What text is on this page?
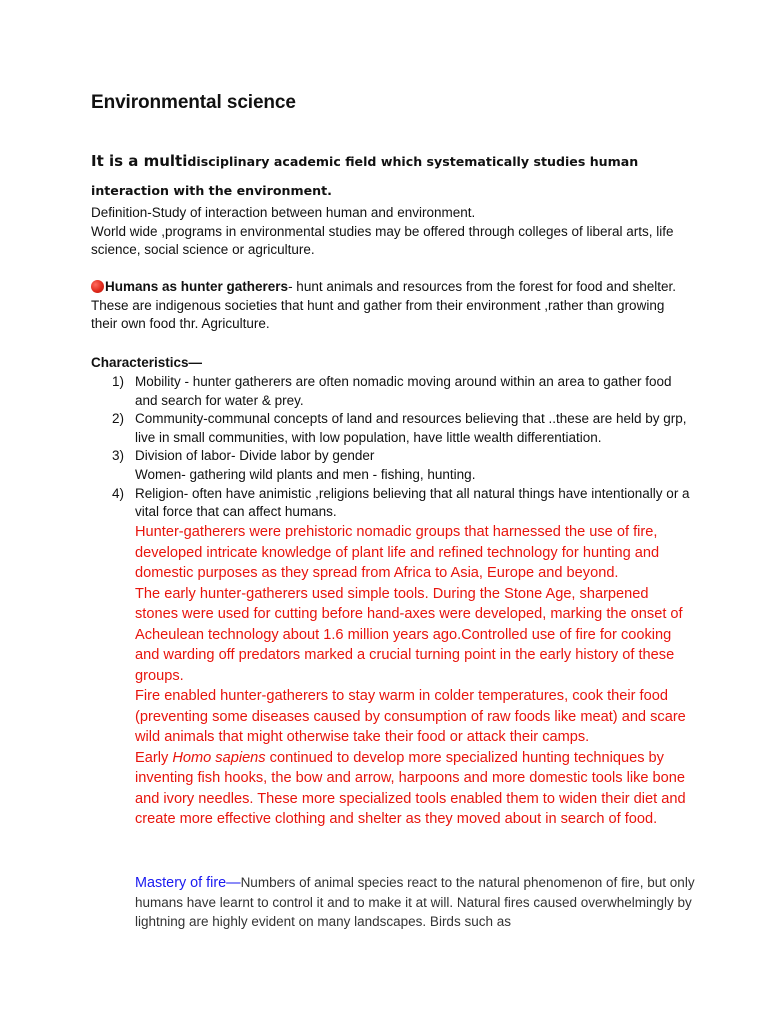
Environmental science
It is a multidisciplinary academic field which systematically studies human interaction with the environment.
Definition-Study of interaction between human and environment.
World wide ,programs in environmental studies may be offered through colleges of liberal arts, life science, social science or agriculture.
Humans as hunter gatherers- hunt animals and resources from the forest for food and shelter.
These are indigenous societies that hunt and gather from their environment ,rather than growing their own food thr. Agriculture.
Characteristics—
1) Mobility - hunter gatherers are often nomadic moving around within an area to gather food and search for water & prey.
2) Community-communal concepts of land and resources believing that ..these are held by grp, live in small communities, with low population, have little wealth differentiation.
3) Division of labor- Divide labor by gender
Women- gathering wild plants and men - fishing, hunting.
4) Religion- often have animistic ,religions believing that all natural things have intentionally or a vital force that can affect humans.
Hunter-gatherers were prehistoric nomadic groups that harnessed the use of fire, developed intricate knowledge of plant life and refined technology for hunting and domestic purposes as they spread from Africa to Asia, Europe and beyond.
The early hunter-gatherers used simple tools. During the Stone Age, sharpened stones were used for cutting before hand-axes were developed, marking the onset of Acheulean technology about 1.6 million years ago.Controlled use of fire for cooking and warding off predators marked a crucial turning point in the early history of these groups.
Fire enabled hunter-gatherers to stay warm in colder temperatures, cook their food (preventing some diseases caused by consumption of raw foods like meat) and scare wild animals that might otherwise take their food or attack their camps.
Early Homo sapiens continued to develop more specialized hunting techniques by inventing fish hooks, the bow and arrow, harpoons and more domestic tools like bone and ivory needles. These more specialized tools enabled them to widen their diet and create more effective clothing and shelter as they moved about in search of food.
Mastery of fire—Numbers of animal species react to the natural phenomenon of fire, but only humans have learnt to control it and to make it at will. Natural fires caused overwhelmingly by lightning are highly evident on many landscapes. Birds such as
